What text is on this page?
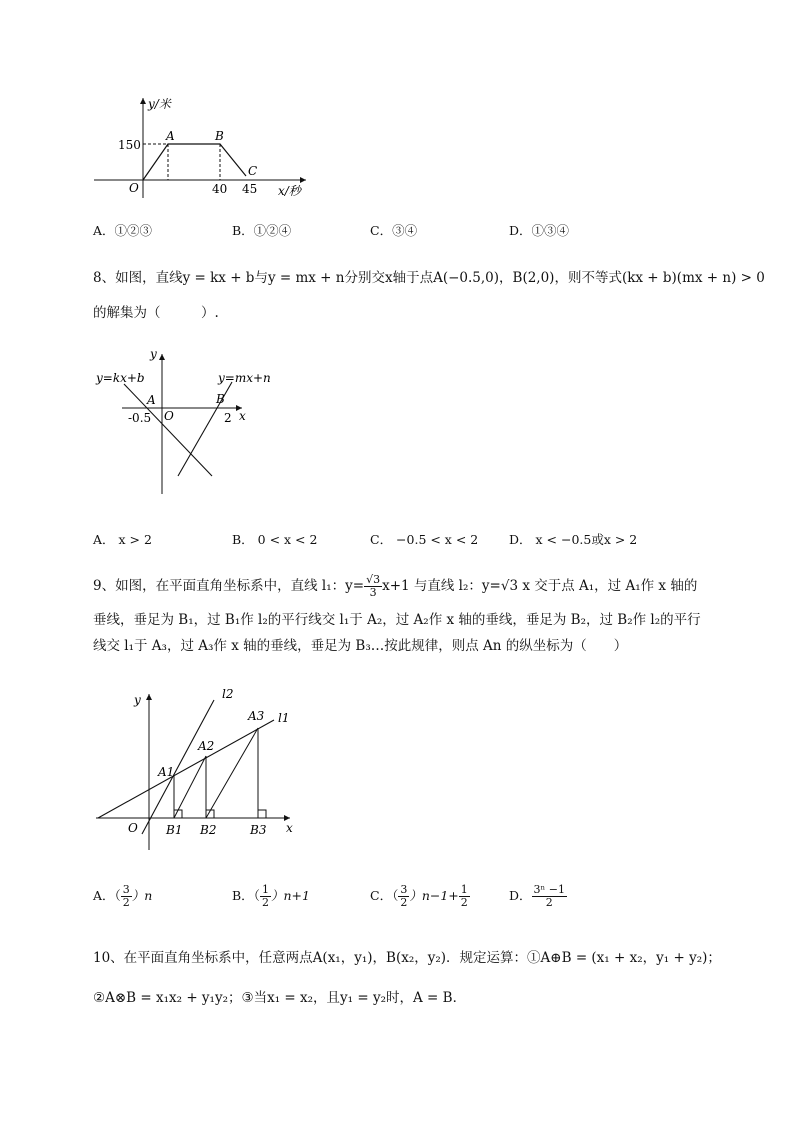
y/米
150
A	B
C
O	40 45 x/秒
A．①②③	B．①②④	C．③④	D．①③④
8、如图，直线y = kx + b与y = mx + n分别交x轴于点A(−0.5,0)，B(2,0)，则不等式(kx + b)(mx + n) > 0
的解集为（　　　）.
y=kx+b	y=mx+n
y
A
O
-0.5
B
2 x
A． x > 2	B． 0 < x < 2	C． −0.5 < x < 2 D． x < −0.5或x > 2
9、如图，在平面直角坐标系中，直线 l₁：$y= \frac{√3}{3} x+1$ 与直线 l₂：y=√3 x 交于点 A₁，过 A₁作 x 轴的
垂线，垂足为 B₁，过 B₁作 l₂的平行线交 l₁于 A₂，过 A₂作 x 轴的垂线，垂足为 B₂，过 B₂作 l₂的平行
线交 l₁于 A₃，过 A₃作 x 轴的垂线，垂足为 B₃…按此规律，则点 An 的纵坐标为（　　）
y	l2
l1
A3
A2
A1
O B1 B2	B3 x
A．（ $\frac{3}{2} )n$	B．（ $\frac{1}{2} )n+1$	C．（ $\frac{3}{2} )n-1+ \frac{1}{2}$	D． $\frac{\text{3ⁿ −1}}{2}$
10、在平面直角坐标系中，任意两点A(x₁，y₁)，B(x₂，y₂)．规定运算：①A⊕B = (x₁ + x₂，y₁ + y₂)；
②A⊗B = x₁x₂ + y₁y₂；③当x₁ = x₂，且y₁ = y₂时，A = B．
